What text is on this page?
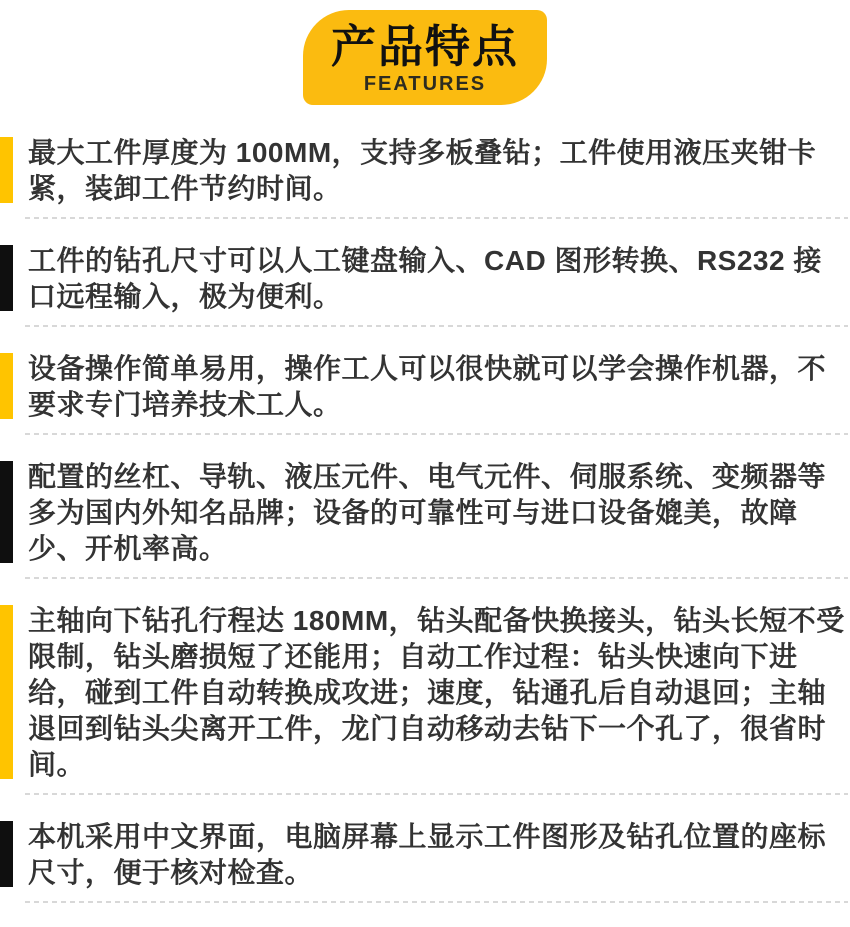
产品特点
FEATURES

最大工件厚度为 100MM，支持多板叠钻；工件使用液压夹钳卡紧，装卸工件节约时间。

工件的钻孔尺寸可以人工键盘输入、CAD 图形转换、RS232 接口远程输入，极为便利。

设备操作简单易用，操作工人可以很快就可以学会操作机器，不要求专门培养技术工人。

配置的丝杠、导轨、液压元件、电气元件、伺服系统、变频器等多为国内外知名品牌；设备的可靠性可与进口设备媲美，故障少、开机率高。

主轴向下钻孔行程达 180MM，钻头配备快换接头，钻头长短不受限制，钻头磨损短了还能用；自动工作过程：钻头快速向下进给，碰到工件自动转换成攻进；速度，钻通孔后自动退回；主轴退回到钻头尖离开工件，龙门自动移动去钻下一个孔了，很省时间。

本机采用中文界面，电脑屏幕上显示工件图形及钻孔位置的座标尺寸，便于核对检查。
